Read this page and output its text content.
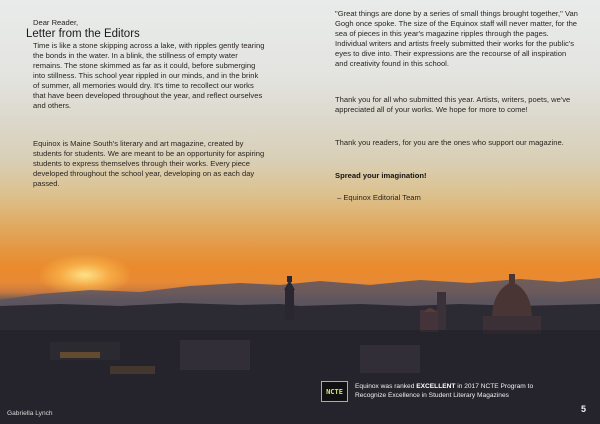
Letter from the Editors

Dear Reader,

Time is like a stone skipping across a lake, with ripples gently tearing the bonds in the water. In a blink, the stillness of empty water remains. The stone skimmed as far as it could, before submerging into stillness. This school year rippled in our minds, and in the brink of summer, all memories would dry. It's time to recollect our works that have been developed throughout the year, and reflect ourselves and others.

Equinox is Maine South's literary and art magazine, created by students for students. We are meant to be an opportunity for aspiring students to express themselves through their works. Every piece developed throughout the school year, developing on as each day passed.

"Great things are done by a series of small things brought together," Van Gogh once spoke. The size of the Equinox staff will never matter, for the sea of pieces in this year's magazine ripples through the pages. Individual writers and artists freely submitted their works for the public's eyes to dive into. Their expressions are the recourse of all inspiration and creativity found in this school.

Thank you for all who submitted this year. Artists, writers, poets, we've appreciated all of your works. We hope for more to come!

Thank you readers, for you are the ones who support our magazine.

Spread your imagination!

– Equinox Editorial Team

NCTE
Equinox was ranked EXCELLENT in 2017 NCTE Program to Recognize Excellence in Student Literary Magazines
Gabriella Lynch	5
